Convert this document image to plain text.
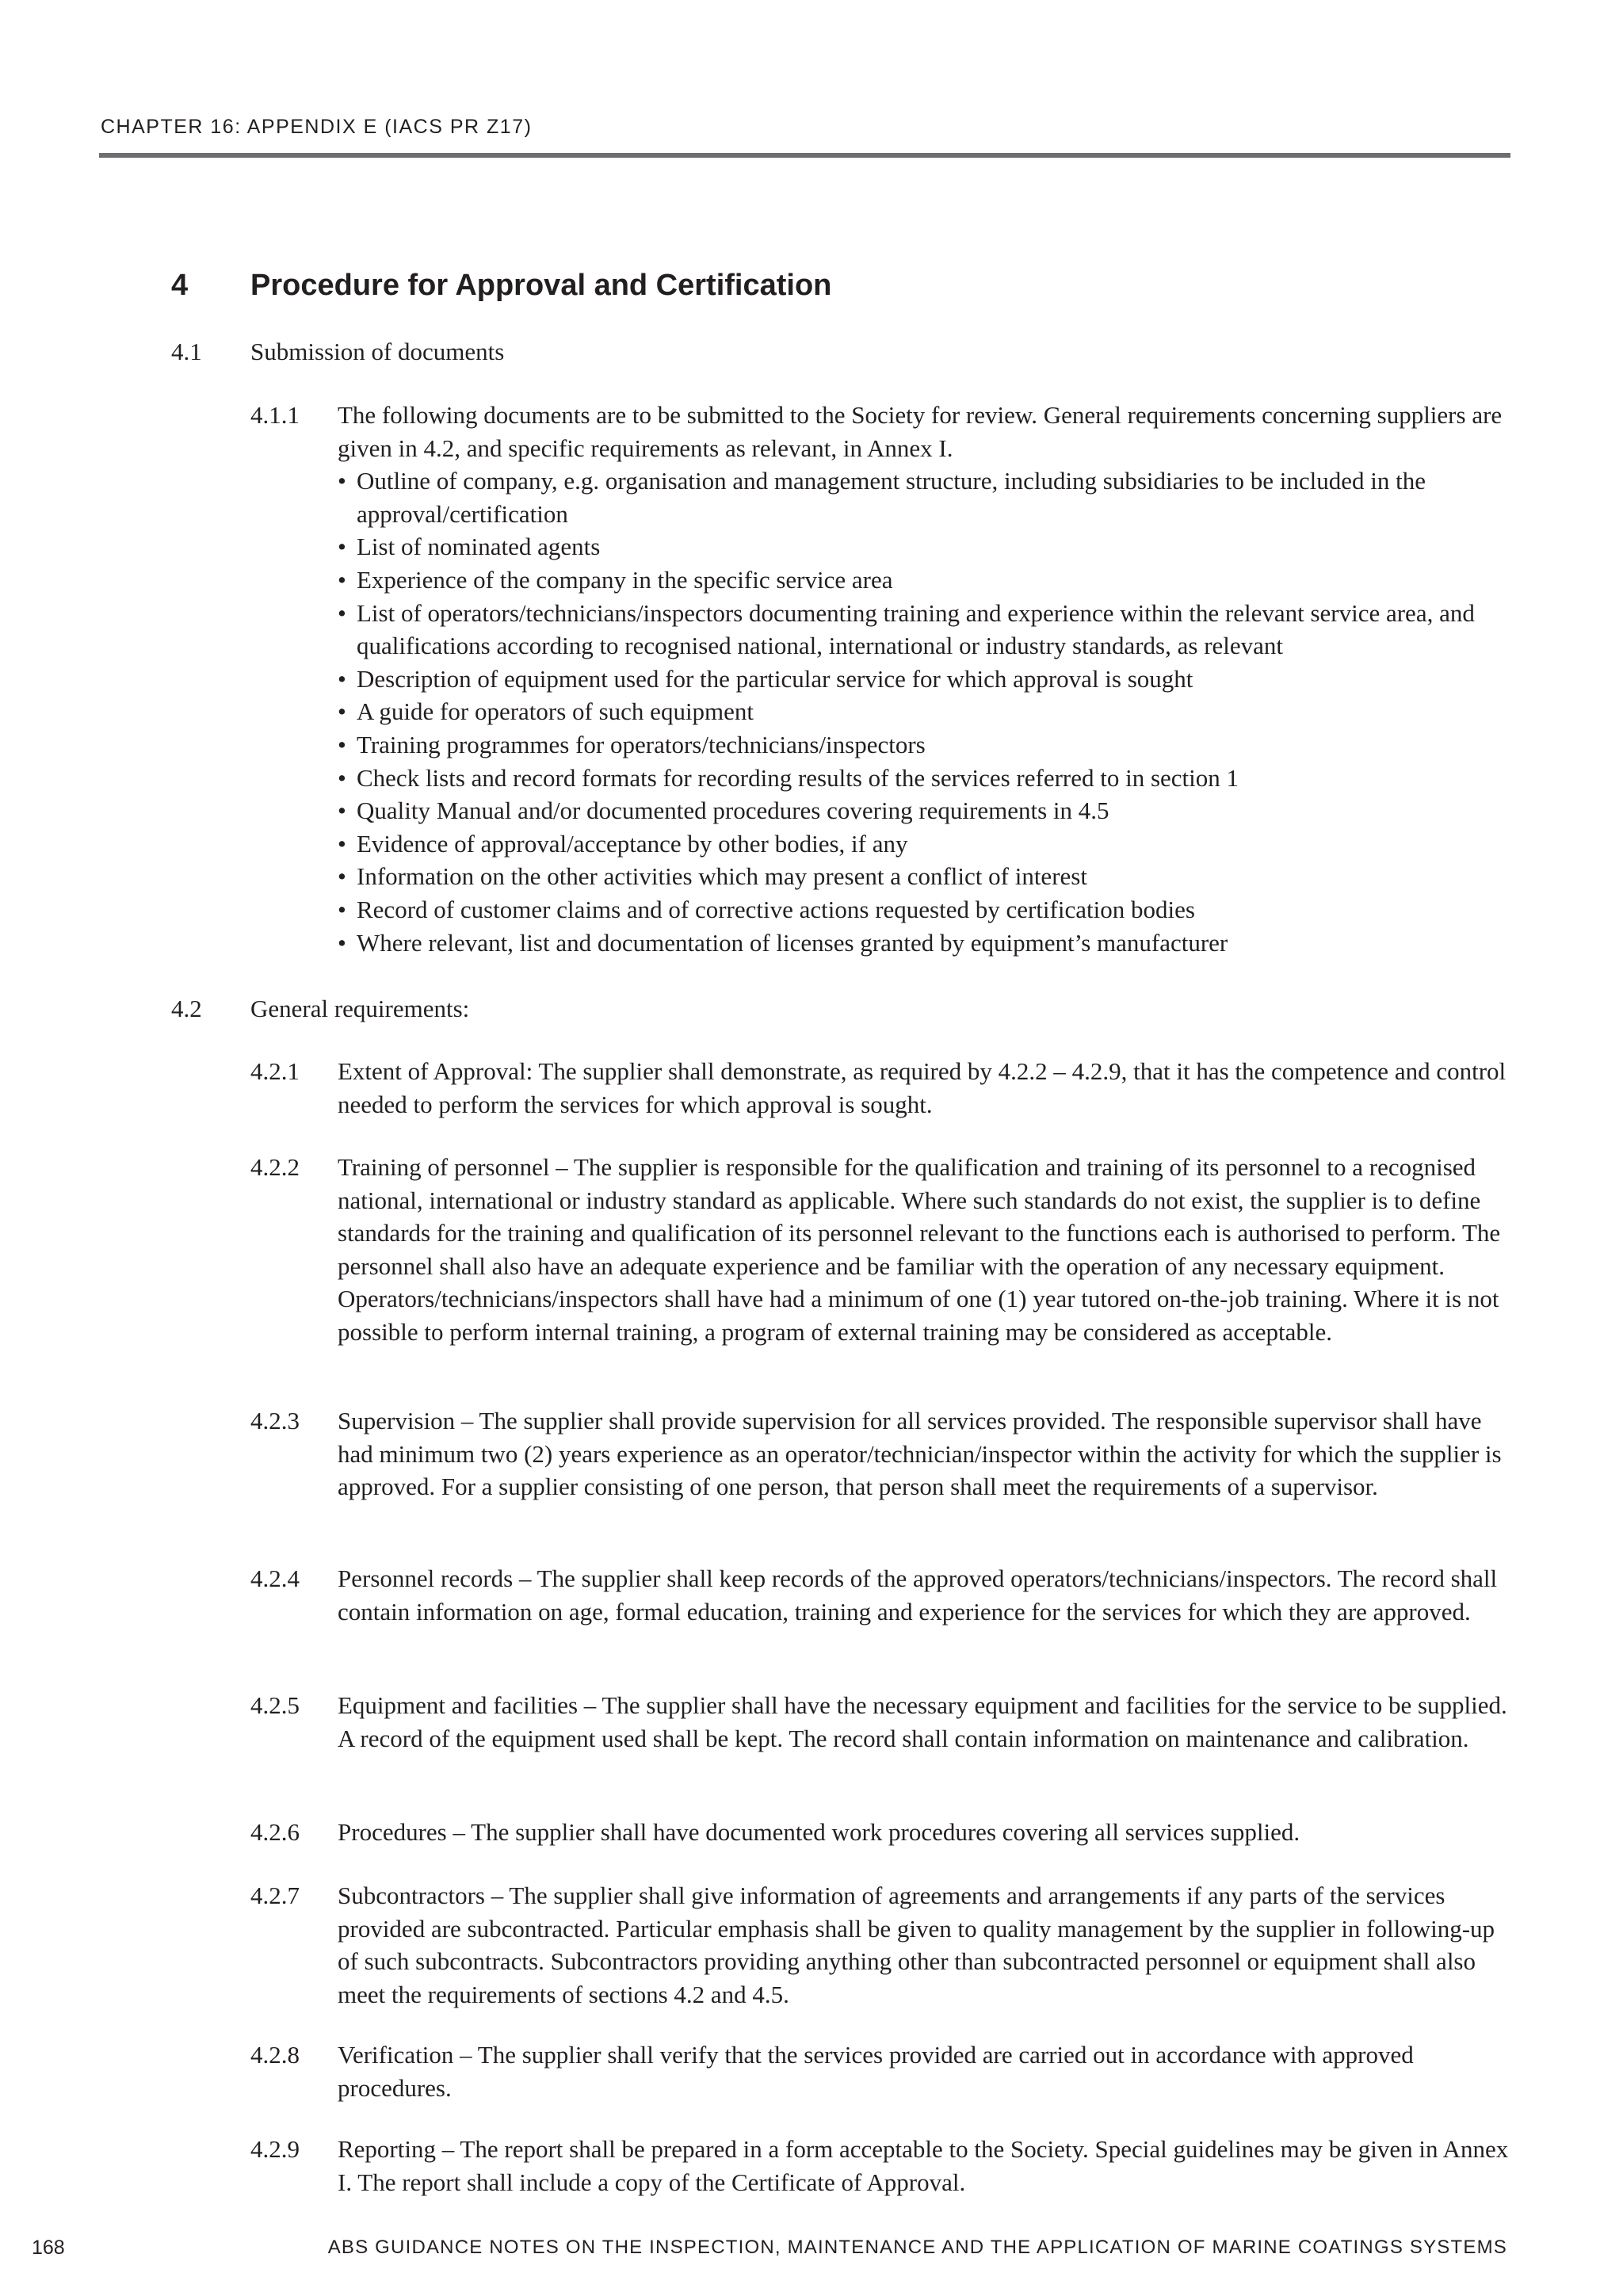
CHAPTER 16: APPENDIX E (IACS PR Z17)
4 Procedure for Approval and Certification
4.1 Submission of documents
4.1.1 The following documents are to be submitted to the Society for review. General requirements concerning suppliers are given in 4.2, and specific requirements as relevant, in Annex I.
• Outline of company, e.g. organisation and management structure, including subsidiaries to be included in the approval/certification
• List of nominated agents
• Experience of the company in the specific service area
• List of operators/technicians/inspectors documenting training and experience within the relevant service area, and qualifications according to recognised national, international or industry standards, as relevant
• Description of equipment used for the particular service for which approval is sought
• A guide for operators of such equipment
• Training programmes for operators/technicians/inspectors
• Check lists and record formats for recording results of the services referred to in section 1
• Quality Manual and/or documented procedures covering requirements in 4.5
• Evidence of approval/acceptance by other bodies, if any
• Information on the other activities which may present a conflict of interest
• Record of customer claims and of corrective actions requested by certification bodies
• Where relevant, list and documentation of licenses granted by equipment’s manufacturer
4.2 General requirements:
4.2.1 Extent of Approval: The supplier shall demonstrate, as required by 4.2.2 – 4.2.9, that it has the competence and control needed to perform the services for which approval is sought.
4.2.2 Training of personnel – The supplier is responsible for the qualification and training of its personnel to a recognised national, international or industry standard as applicable. Where such standards do not exist, the supplier is to define standards for the training and qualification of its personnel relevant to the functions each is authorised to perform. The personnel shall also have an adequate experience and be familiar with the operation of any necessary equipment. Operators/technicians/inspectors shall have had a minimum of one (1) year tutored on-the-job training. Where it is not possible to perform internal training, a program of external training may be considered as acceptable.
4.2.3 Supervision – The supplier shall provide supervision for all services provided. The responsible supervisor shall have had minimum two (2) years experience as an operator/technician/inspector within the activity for which the supplier is approved. For a supplier consisting of one person, that person shall meet the requirements of a supervisor.
4.2.4 Personnel records – The supplier shall keep records of the approved operators/technicians/inspectors. The record shall contain information on age, formal education, training and experience for the services for which they are approved.
4.2.5 Equipment and facilities – The supplier shall have the necessary equipment and facilities for the service to be supplied. A record of the equipment used shall be kept. The record shall contain information on maintenance and calibration.
4.2.6 Procedures – The supplier shall have documented work procedures covering all services supplied.
4.2.7 Subcontractors – The supplier shall give information of agreements and arrangements if any parts of the services provided are subcontracted. Particular emphasis shall be given to quality management by the supplier in following-up of such subcontracts. Subcontractors providing anything other than subcontracted personnel or equipment shall also meet the requirements of sections 4.2 and 4.5.
4.2.8 Verification – The supplier shall verify that the services provided are carried out in accordance with approved procedures.
4.2.9 Reporting – The report shall be prepared in a form acceptable to the Society. Special guidelines may be given in Annex I. The report shall include a copy of the Certificate of Approval.
168	ABS GUIDANCE NOTES ON THE INSPECTION, MAINTENANCE AND THE APPLICATION OF MARINE COATINGS SYSTEMS
